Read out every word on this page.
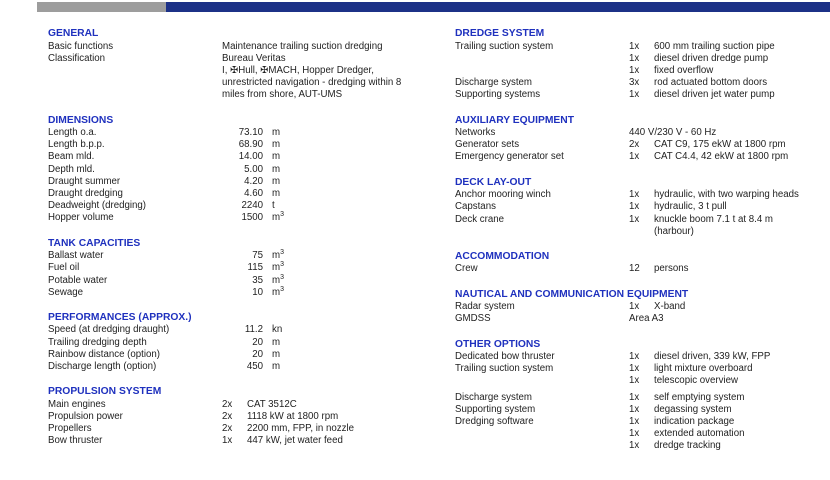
GENERAL
Basic functions	Maintenance trailing suction dredging
Classification	Bureau Veritas

I, ✠Hull, ✠MACH, Hopper Dredger,

unrestricted navigation - dredging within 8

miles from shore, AUT-UMS
DIMENSIONS
Length o.a.	73.10 m
Length b.p.p.	68.90 m
Beam mld.	14.00 m
Depth mld.	5.00 m
Draught summer	4.20 m
Draught dredging	4.60 m
Deadweight (dredging)	2240 t
Hopper volume	1500 $m^3$
TANK CAPACITIES
Ballast water	75 $m^3$
Fuel oil	115 $m^3$
Potable water	35 $m^3$
Sewage	10 $m^3$
PERFORMANCES (APPROX.)
Speed (at dredging draught)	11.2 kn
Trailing dredging depth	20 m
Rainbow distance (option)	20 m
Discharge length (option)	450 m
PROPULSION SYSTEM
Main engines	2x	CAT 3512C
Propulsion power	2x	1118 kW at 1800 rpm
Propellers	2x	2200 mm, FPP, in nozzle
Bow thruster	1x	447 kW, jet water feed
DREDGE SYSTEM
Trailing suction system	1x	600 mm trailing suction pipe

1x	diesel driven dredge pump

1x	fixed overflow
Discharge system	3x	rod actuated bottom doors
Supporting systems	1x	diesel driven jet water pump
AUXILIARY EQUIPMENT
Networks	440 V/230 V - 60 Hz
Generator sets	2x	CAT C9, 175 ekW at 1800 rpm
Emergency generator set	1x	CAT C4.4, 42 ekW at 1800 rpm
DECK LAY-OUT
Anchor mooring winch	1x	hydraulic, with two warping heads
Capstans	1x	hydraulic, 3 t pull
Deck crane	1x	knuckle boom 7.1 t at 8.4 m

(harbour)
ACCOMMODATION
Crew	12	persons
NAUTICAL AND COMMUNICATION EQUIPMENT
Radar system	1x	X-band
GMDSS	Area A3
OTHER OPTIONS
Dedicated bow thruster	1x	diesel driven, 339 kW, FPP
Trailing suction system	1x	light mixture overboard

1x	telescopic overview
Discharge system	1x	self emptying system
Supporting system	1x	degassing system
Dredging software	1x	indication package

1x	extended automation

1x	dredge tracking
